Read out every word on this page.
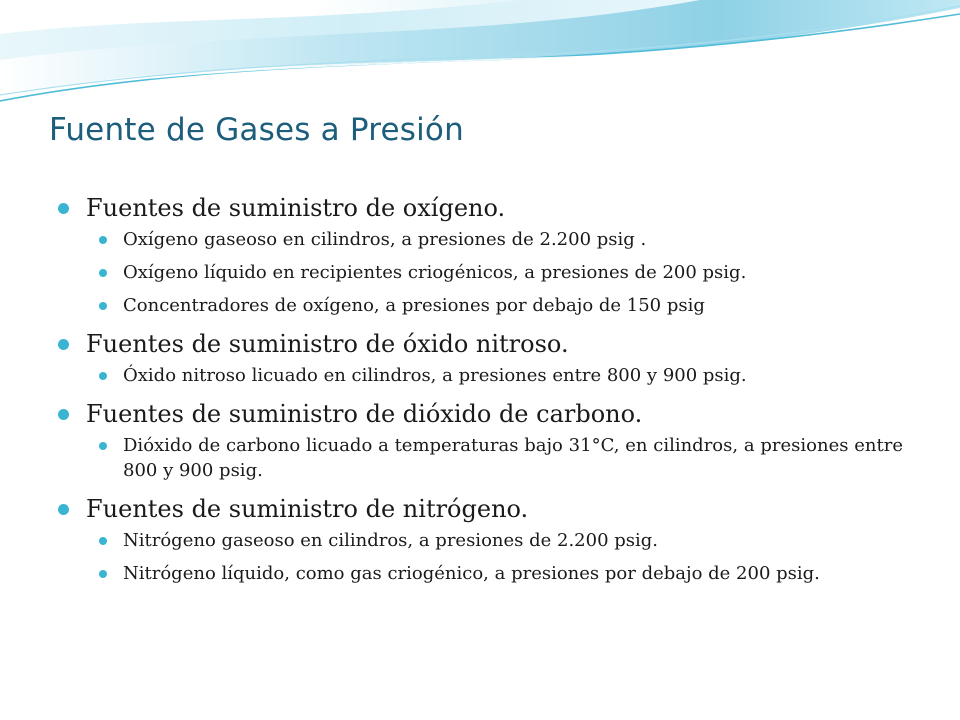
Fuente de Gases a Presión
Fuentes de suministro de oxígeno.
Oxígeno gaseoso en cilindros, a presiones de 2.200 psig .
Oxígeno líquido en recipientes criogénicos, a presiones de 200 psig.
Concentradores de oxígeno, a presiones por debajo de 150 psig
Fuentes de suministro de óxido nitroso.
Óxido nitroso licuado en cilindros, a presiones entre 800 y 900 psig.
Fuentes de suministro de dióxido de carbono.
Dióxido de carbono licuado a temperaturas bajo 31°C, en cilindros, a presiones entre 800 y 900 psig.
Fuentes de suministro de nitrógeno.
Nitrógeno gaseoso en cilindros, a presiones de 2.200 psig.
Nitrógeno líquido, como gas criogénico, a presiones por debajo de 200 psig.
